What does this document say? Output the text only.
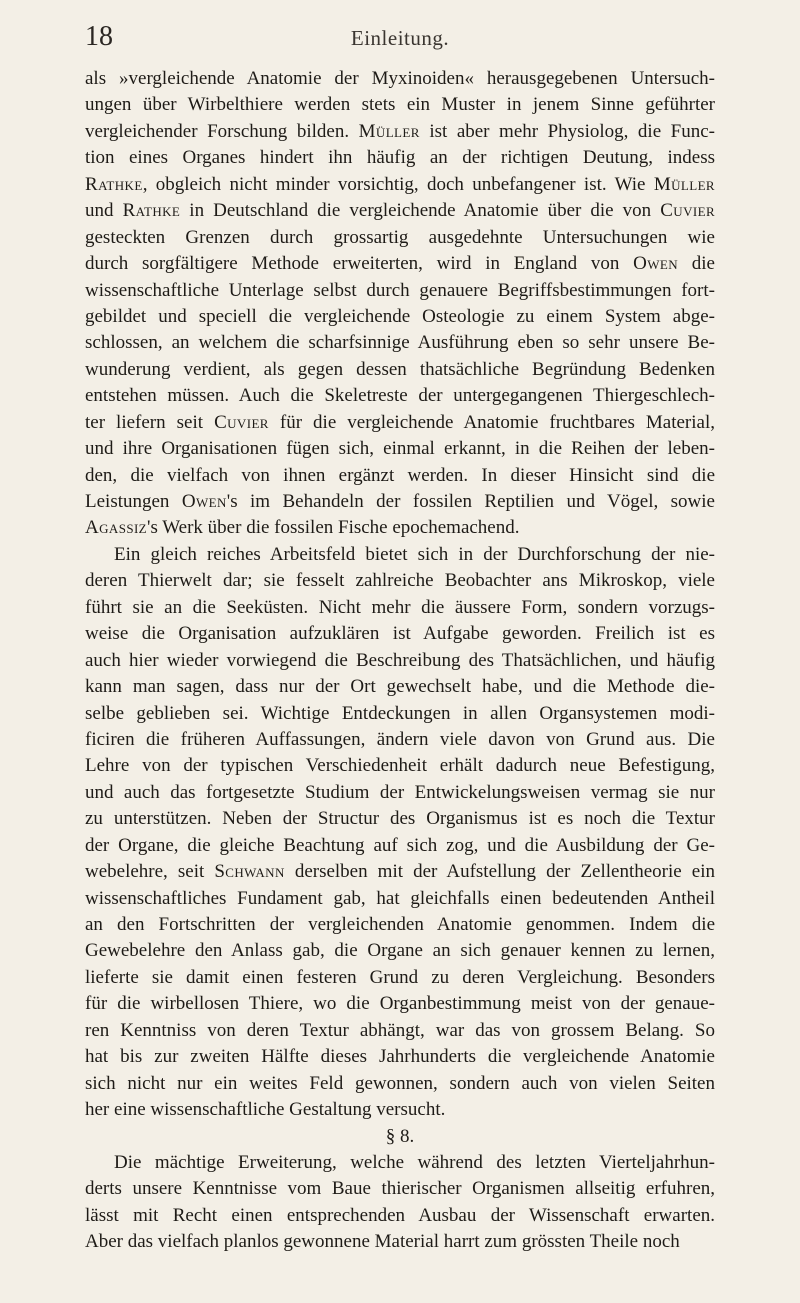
18	Einleitung.
als »vergleichende Anatomie der Myxinoiden« herausgegebenen Untersuch-
ungen über Wirbelthiere werden stets ein Muster in jenem Sinne geführter
vergleichender Forschung bilden. Müller ist aber mehr Physiolog, die Func-
tion eines Organes hindert ihn häufig an der richtigen Deutung, indess
Rathke, obgleich nicht minder vorsichtig, doch unbefangener ist. Wie Müller
und Rathke in Deutschland die vergleichende Anatomie über die von Cuvier
gesteckten Grenzen durch grossartig ausgedehnte Untersuchungen wie
durch sorgfältigere Methode erweiterten, wird in England von Owen die
wissenschaftliche Unterlage selbst durch genauere Begriffsbestimmungen fort-
gebildet und speciell die vergleichende Osteologie zu einem System abge-
schlossen, an welchem die scharfsinnige Ausführung eben so sehr unsere Be-
wunderung verdient, als gegen dessen thatsächliche Begründung Bedenken
entstehen müssen. Auch die Skeletreste der untergegangenen Thiergeschlech-
ter liefern seit Cuvier für die vergleichende Anatomie fruchtbares Material,
und ihre Organisationen fügen sich, einmal erkannt, in die Reihen der leben-
den, die vielfach von ihnen ergänzt werden. In dieser Hinsicht sind die
Leistungen Owen's im Behandeln der fossilen Reptilien und Vögel, sowie
Agassiz's Werk über die fossilen Fische epochemachend.
Ein gleich reiches Arbeitsfeld bietet sich in der Durchforschung der nie-
deren Thierwelt dar; sie fesselt zahlreiche Beobachter ans Mikroskop, viele
führt sie an die Seeküsten. Nicht mehr die äussere Form, sondern vorzugs-
weise die Organisation aufzuklären ist Aufgabe geworden. Freilich ist es
auch hier wieder vorwiegend die Beschreibung des Thatsächlichen, und häufig
kann man sagen, dass nur der Ort gewechselt habe, und die Methode die-
selbe geblieben sei. Wichtige Entdeckungen in allen Organsystemen modi-
ficiren die früheren Auffassungen, ändern viele davon von Grund aus. Die
Lehre von der typischen Verschiedenheit erhält dadurch neue Befestigung,
und auch das fortgesetzte Studium der Entwickelungsweisen vermag sie nur
zu unterstützen. Neben der Structur des Organismus ist es noch die Textur
der Organe, die gleiche Beachtung auf sich zog, und die Ausbildung der Ge-
webelehre, seit Schwann derselben mit der Aufstellung der Zellentheorie ein
wissenschaftliches Fundament gab, hat gleichfalls einen bedeutenden Antheil
an den Fortschritten der vergleichenden Anatomie genommen. Indem die
Gewebelehre den Anlass gab, die Organe an sich genauer kennen zu lernen,
lieferte sie damit einen festeren Grund zu deren Vergleichung. Besonders
für die wirbellosen Thiere, wo die Organbestimmung meist von der genaue-
ren Kenntniss von deren Textur abhängt, war das von grossem Belang. So
hat bis zur zweiten Hälfte dieses Jahrhunderts die vergleichende Anatomie
sich nicht nur ein weites Feld gewonnen, sondern auch von vielen Seiten
her eine wissenschaftliche Gestaltung versucht.
§ 8.
Die mächtige Erweiterung, welche während des letzten Vierteljahrhun-
derts unsere Kenntnisse vom Baue thierischer Organismen allseitig erfuhren,
lässt mit Recht einen entsprechenden Ausbau der Wissenschaft erwarten.
Aber das vielfach planlos gewonnene Material harrt zum grössten Theile noch
